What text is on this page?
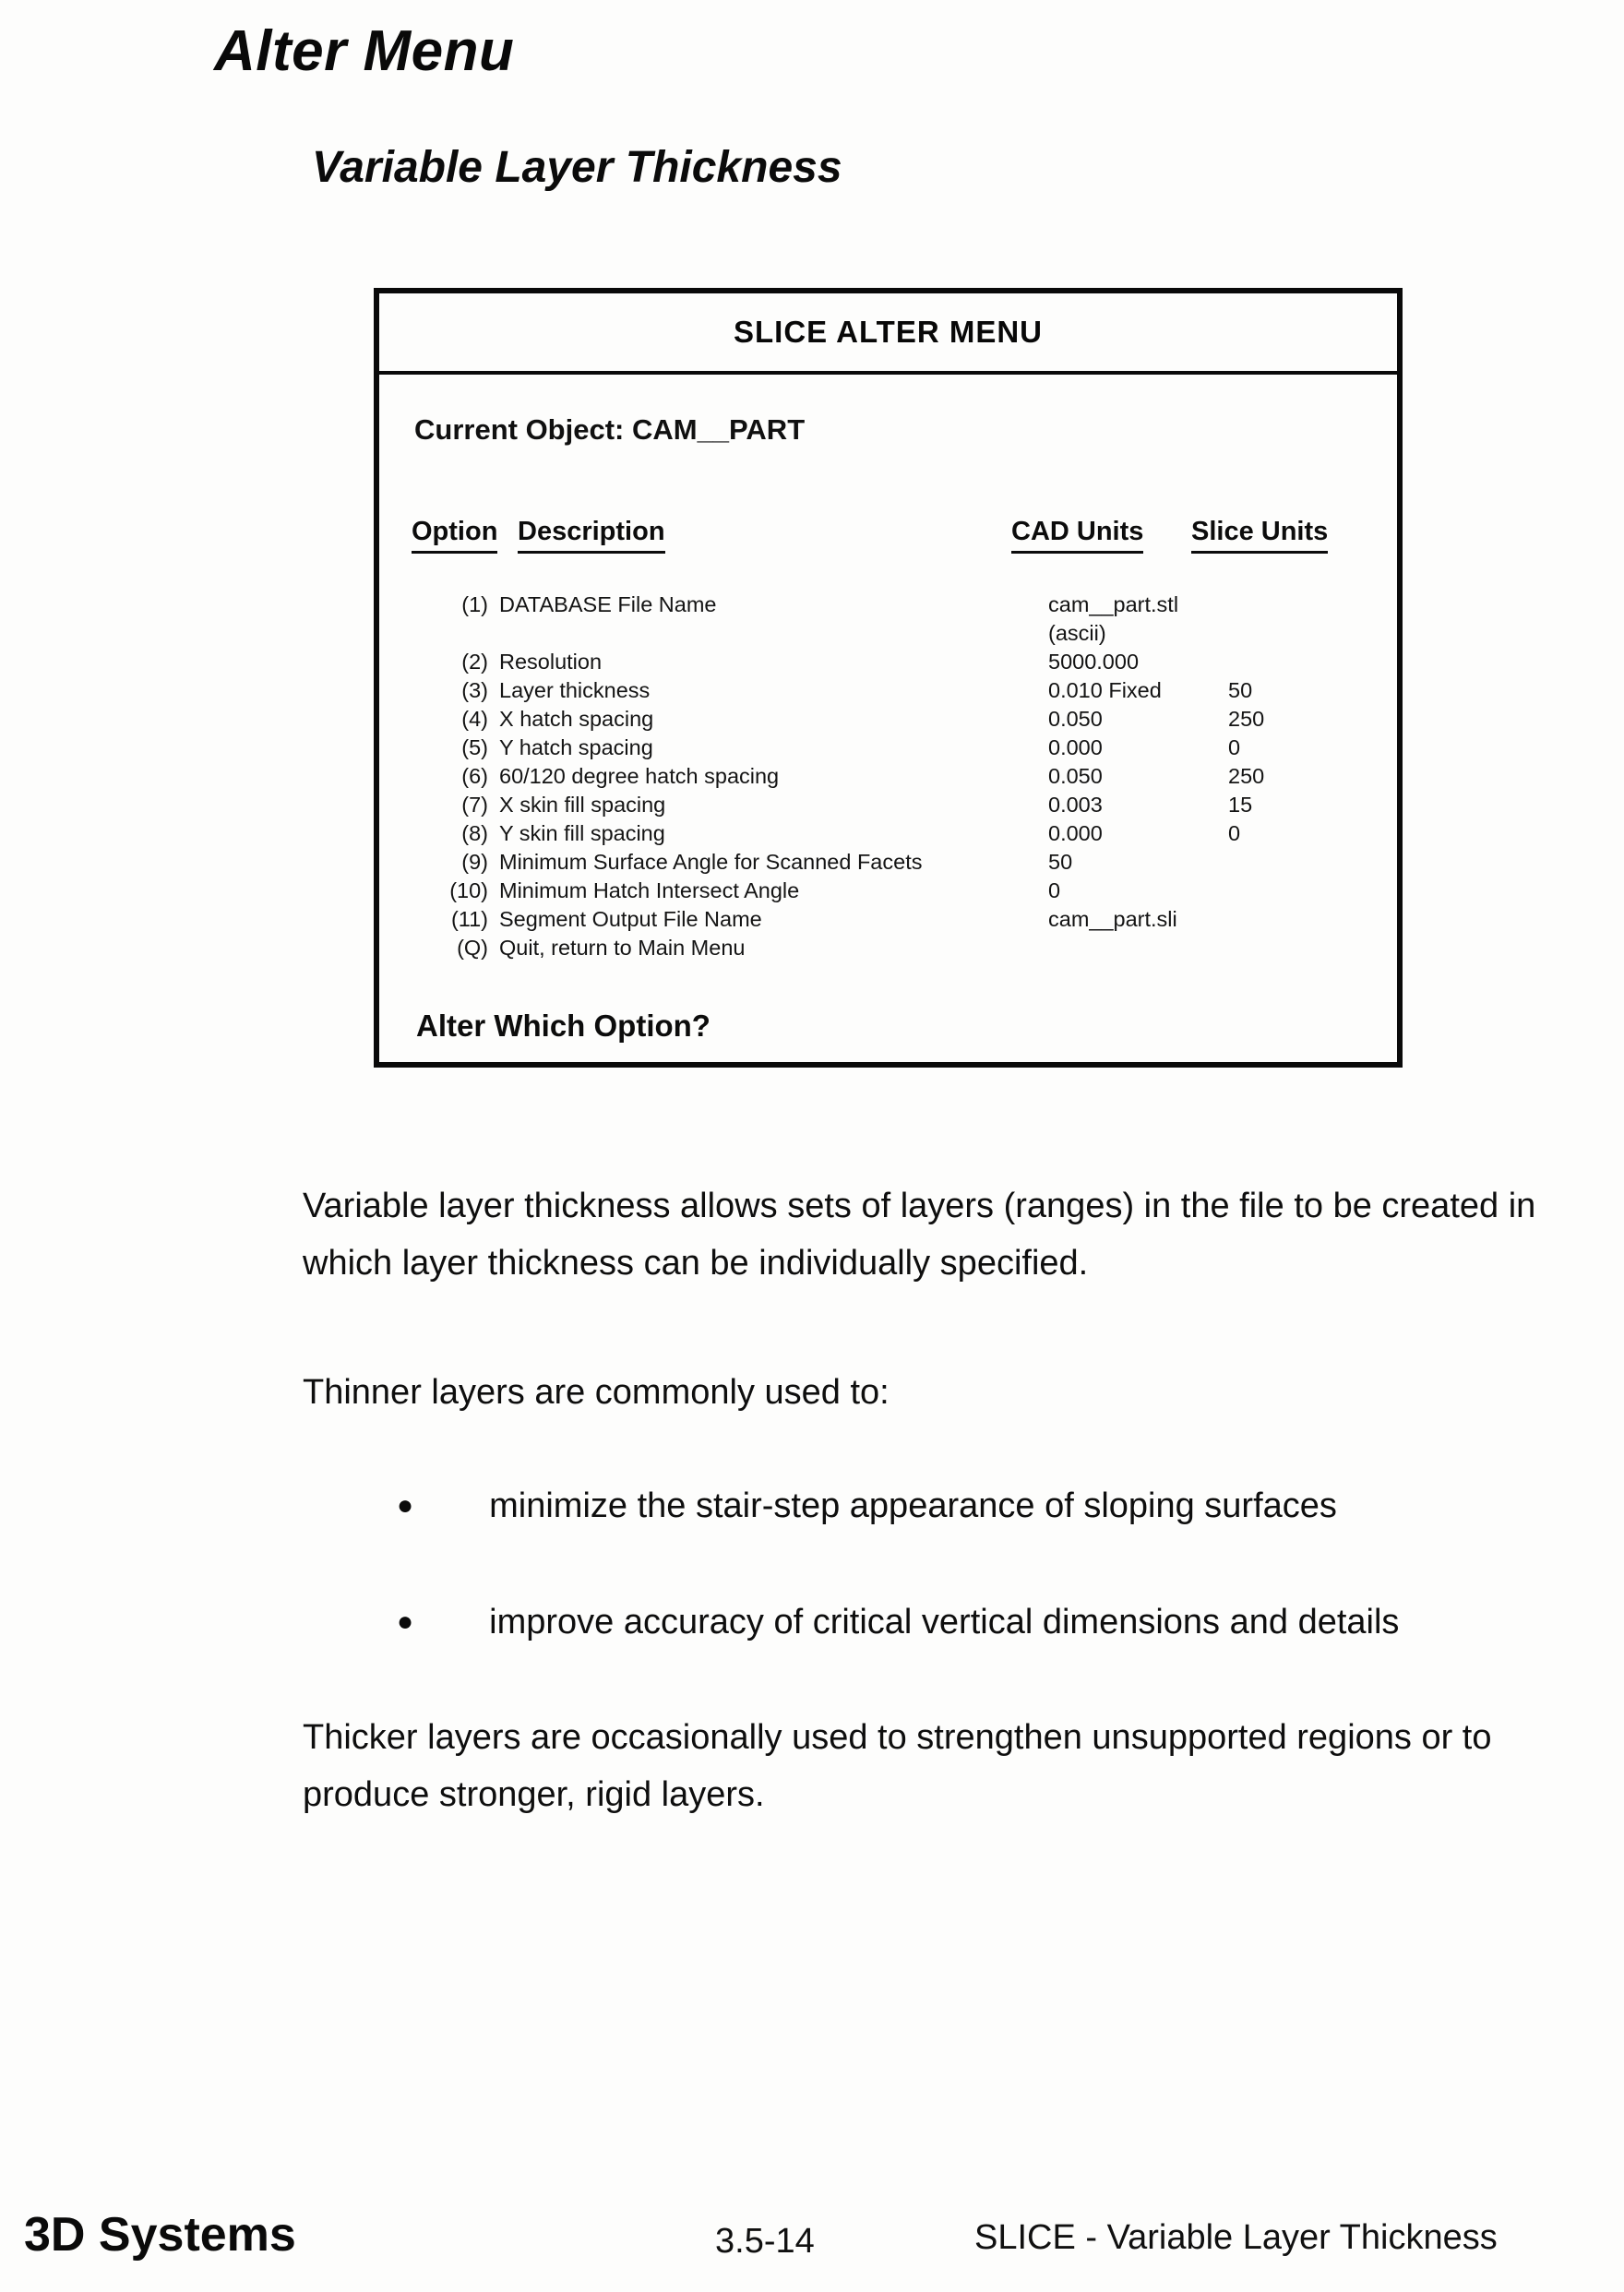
Alter Menu
Variable Layer Thickness
SLICE ALTER MENU
Current Object: CAM__PART
Option Description	CAD Units Slice Units
(1) DATABASE File Name	cam__part.stl (ascii)
(2) Resolution	5000.000
(3) Layer thickness	0.010 Fixed	50
(4) X hatch spacing	0.050	250
(5) Y hatch spacing	0.000	0
(6) 60/120 degree hatch spacing	0.050	250
(7) X skin fill spacing	0.003	15
(8) Y skin fill spacing	0.000	0
(9) Minimum Surface Angle for Scanned Facets	50
(10) Minimum Hatch Intersect Angle	0
(11) Segment Output File Name	cam__part.sli
(Q) Quit, return to Main Menu
Alter Which Option?
Variable layer thickness allows sets of layers (ranges) in the file to be created in which layer thickness can be individually specified.
Thinner layers are commonly used to:
● minimize the stair-step appearance of sloping surfaces
● improve accuracy of critical vertical dimensions and details
Thicker layers are occasionally used to strengthen unsupported regions or to produce stronger, rigid layers.
3D Systems	3.5-14	SLICE - Variable Layer Thickness
